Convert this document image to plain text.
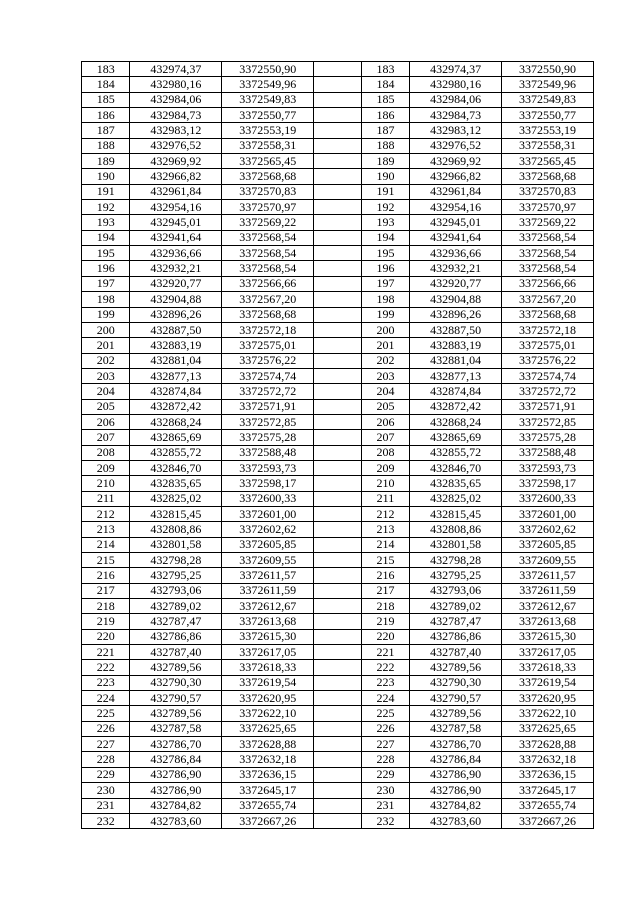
183	432974,37	3372550,90		183	432974,37	3372550,90
184	432980,16	3372549,96		184	432980,16	3372549,96
185	432984,06	3372549,83		185	432984,06	3372549,83
186	432984,73	3372550,77		186	432984,73	3372550,77
187	432983,12	3372553,19		187	432983,12	3372553,19
188	432976,52	3372558,31		188	432976,52	3372558,31
189	432969,92	3372565,45		189	432969,92	3372565,45
190	432966,82	3372568,68		190	432966,82	3372568,68
191	432961,84	3372570,83		191	432961,84	3372570,83
192	432954,16	3372570,97		192	432954,16	3372570,97
193	432945,01	3372569,22		193	432945,01	3372569,22
194	432941,64	3372568,54		194	432941,64	3372568,54
195	432936,66	3372568,54		195	432936,66	3372568,54
196	432932,21	3372568,54		196	432932,21	3372568,54
197	432920,77	3372566,66		197	432920,77	3372566,66
198	432904,88	3372567,20		198	432904,88	3372567,20
199	432896,26	3372568,68		199	432896,26	3372568,68
200	432887,50	3372572,18		200	432887,50	3372572,18
201	432883,19	3372575,01		201	432883,19	3372575,01
202	432881,04	3372576,22		202	432881,04	3372576,22
203	432877,13	3372574,74		203	432877,13	3372574,74
204	432874,84	3372572,72		204	432874,84	3372572,72
205	432872,42	3372571,91		205	432872,42	3372571,91
206	432868,24	3372572,85		206	432868,24	3372572,85
207	432865,69	3372575,28		207	432865,69	3372575,28
208	432855,72	3372588,48		208	432855,72	3372588,48
209	432846,70	3372593,73		209	432846,70	3372593,73
210	432835,65	3372598,17		210	432835,65	3372598,17
211	432825,02	3372600,33		211	432825,02	3372600,33
212	432815,45	3372601,00		212	432815,45	3372601,00
213	432808,86	3372602,62		213	432808,86	3372602,62
214	432801,58	3372605,85		214	432801,58	3372605,85
215	432798,28	3372609,55		215	432798,28	3372609,55
216	432795,25	3372611,57		216	432795,25	3372611,57
217	432793,06	3372611,59		217	432793,06	3372611,59
218	432789,02	3372612,67		218	432789,02	3372612,67
219	432787,47	3372613,68		219	432787,47	3372613,68
220	432786,86	3372615,30		220	432786,86	3372615,30
221	432787,40	3372617,05		221	432787,40	3372617,05
222	432789,56	3372618,33		222	432789,56	3372618,33
223	432790,30	3372619,54		223	432790,30	3372619,54
224	432790,57	3372620,95		224	432790,57	3372620,95
225	432789,56	3372622,10		225	432789,56	3372622,10
226	432787,58	3372625,65		226	432787,58	3372625,65
227	432786,70	3372628,88		227	432786,70	3372628,88
228	432786,84	3372632,18		228	432786,84	3372632,18
229	432786,90	3372636,15		229	432786,90	3372636,15
230	432786,90	3372645,17		230	432786,90	3372645,17
231	432784,82	3372655,74		231	432784,82	3372655,74
232	432783,60	3372667,26		232	432783,60	3372667,26
